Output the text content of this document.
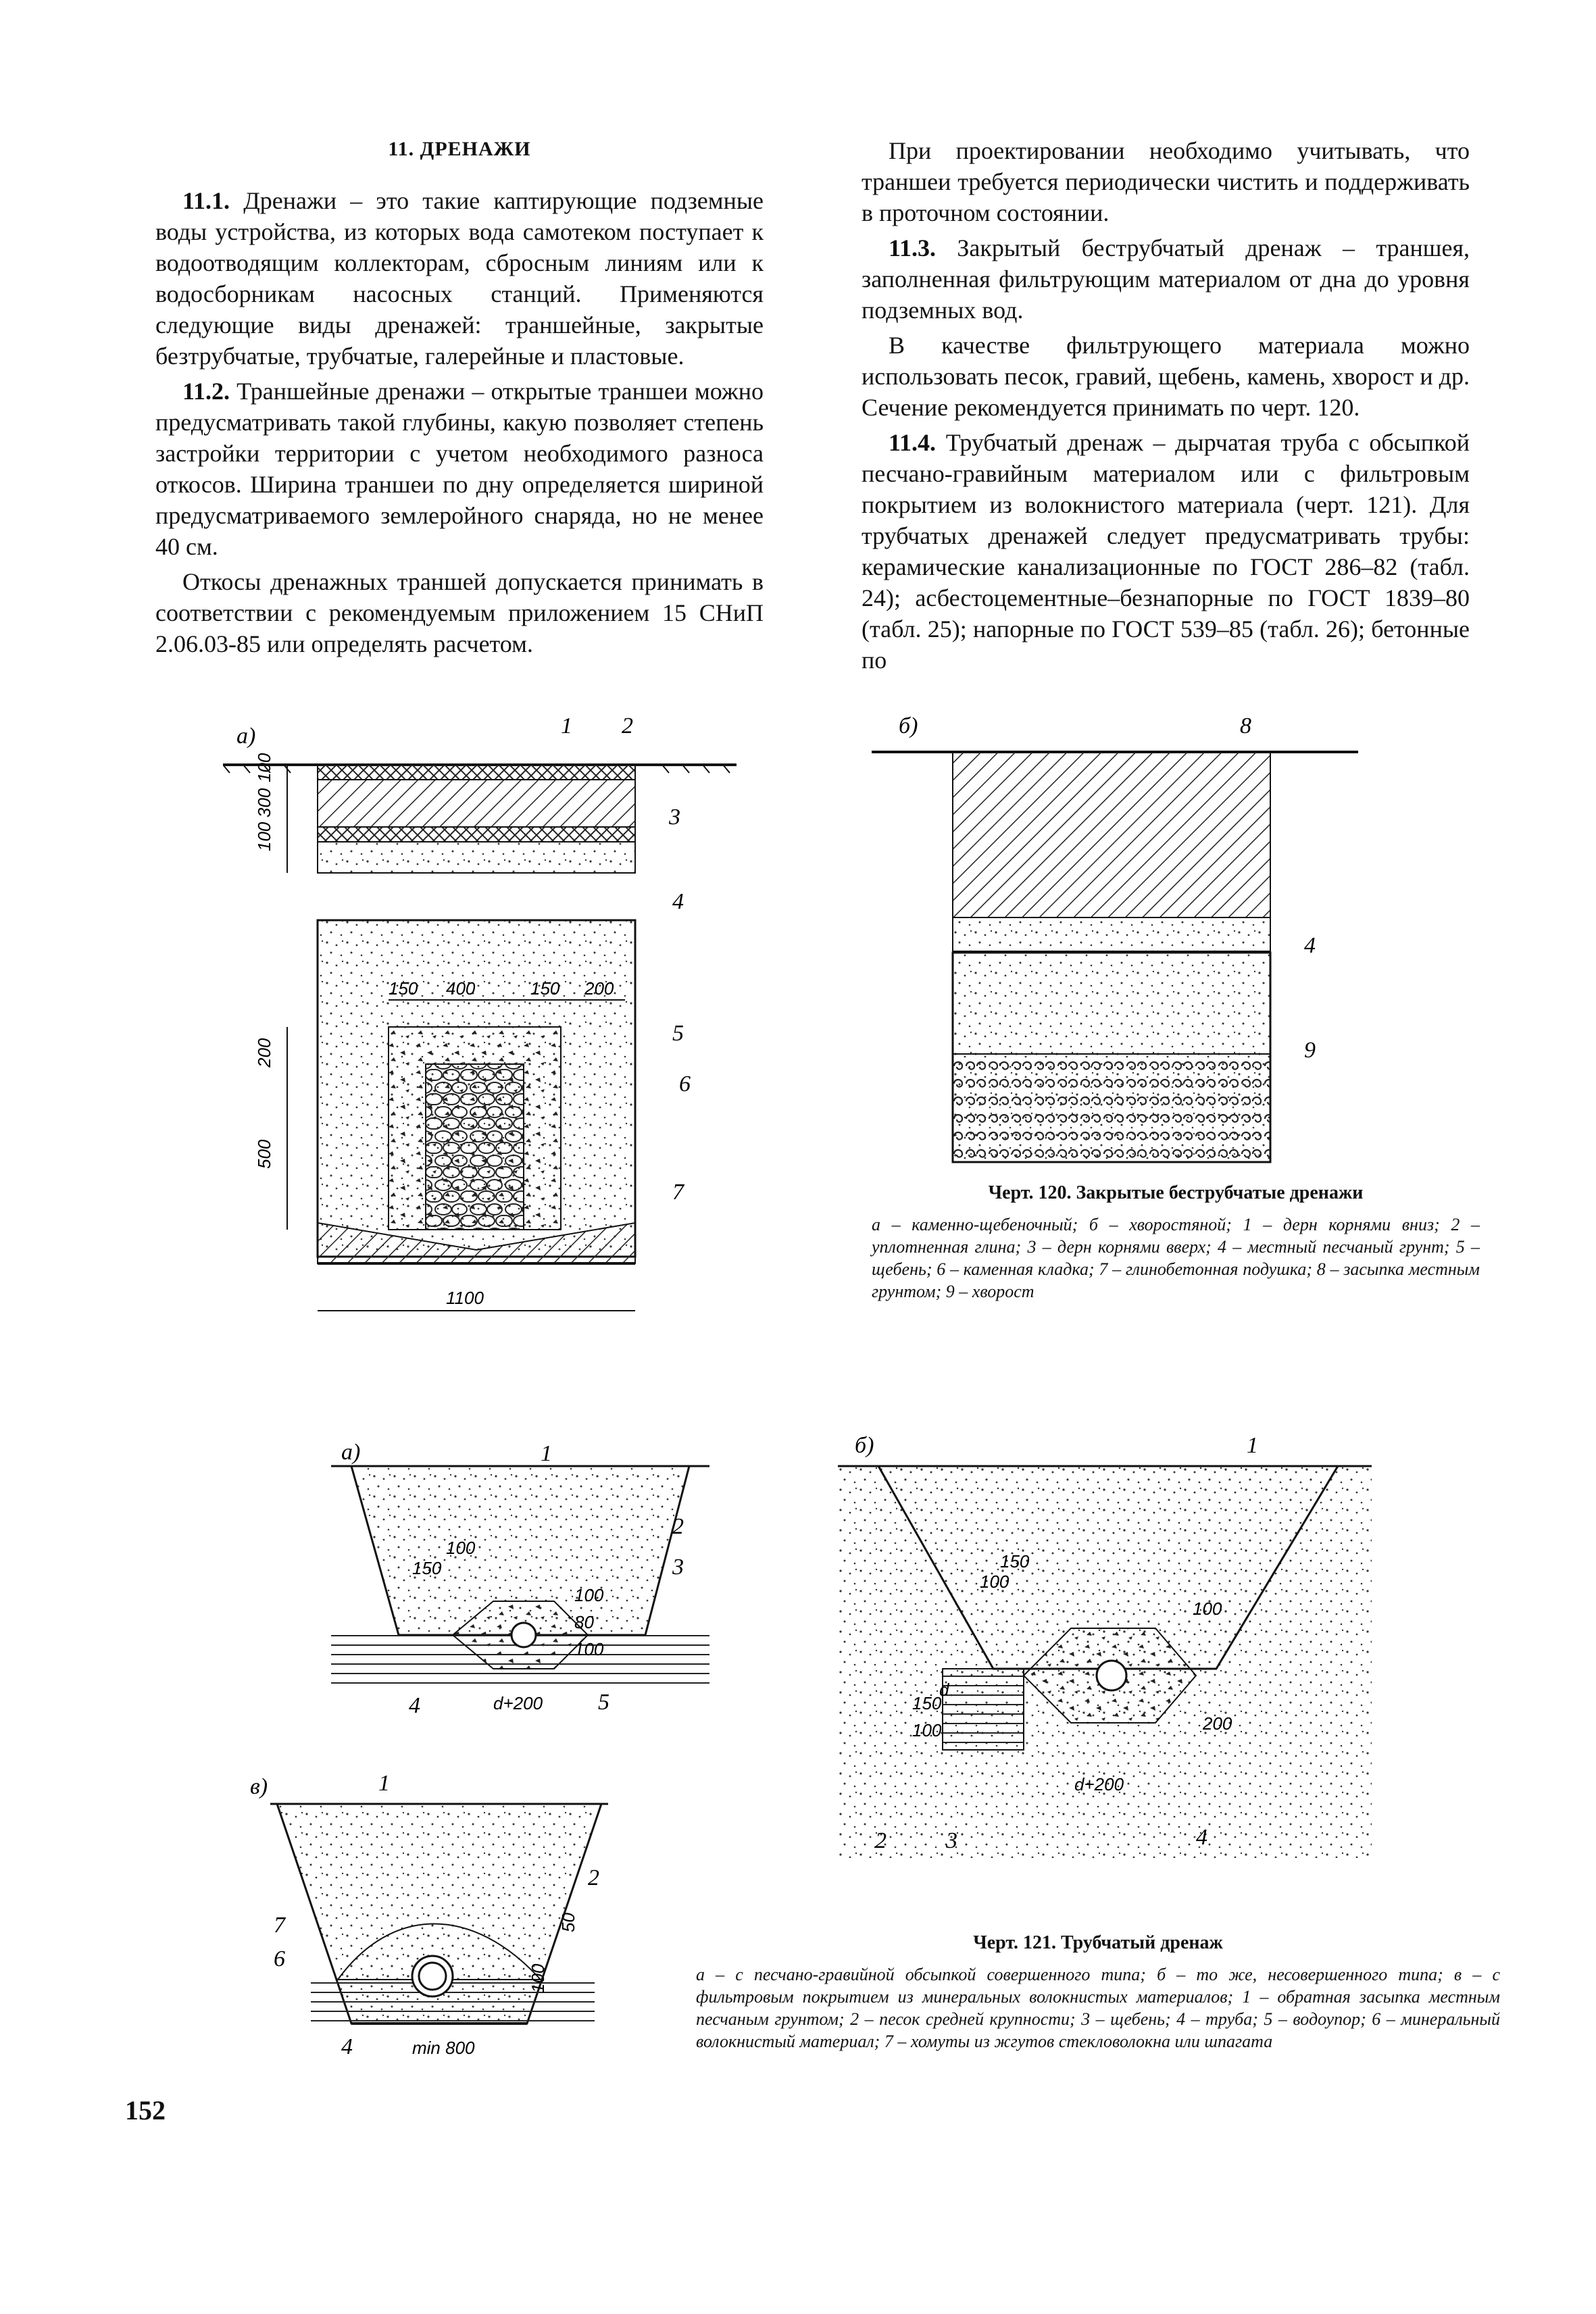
11. ДРЕНАЖИ

11.1. Дренажи – это такие каптирующие подземные воды устройства, из которых вода самотеком поступает к водоотводящим коллекторам, сбросным линиям или к водосборникам насосных станций. Применяются следующие виды дренажей: траншейные, закрытые безтрубчатые, трубчатые, галерейные и пластовые.

11.2. Траншейные дренажи – открытые траншеи можно предусматривать такой глубины, какую позволяет степень застройки территории с учетом необходимого разноса откосов. Ширина траншеи по дну определяется шириной предусматриваемого землеройного снаряда, но не менее 40 см.

Откосы дренажных траншей допускается принимать в соответствии с рекомендуемым приложением 15 СНиП 2.06.03-85 или определять расчетом.

При проектировании необходимо учитывать, что траншеи требуется периодически чистить и поддерживать в проточном состоянии.

11.3. Закрытый беструбчатый дренаж – траншея, заполненная фильтрующим материалом от дна до уровня подземных вод.

В качестве фильтрующего материала можно использовать песок, гравий, щебень, камень, хворост и др. Сечение рекомендуется принимать по черт. 120.

11.4. Трубчатый дренаж – дырчатая труба с обсыпкой песчано-гравийным материалом или с фильтровым покрытием из волокнистого материала (черт. 121). Для трубчатых дренажей следует предусматривать трубы: керамические канализационные по ГОСТ 286–82 (табл. 24); асбестоцементные–безнапорные по ГОСТ 1839–80 (табл. 25); напорные по ГОСТ 539–85 (табл. 26); бетонные по

а)
100
300
100
200
500
150 400	150 200
1100
1 2
3
4
5
6
7
б)	8
4
9
Черт. 120. Закрытые беструбчатые дренажи
а – каменно-щебеночный; б – хворостяной; 1 – дерн корнями вниз; 2 – уплотненная глина; 3 – дерн корнями вверх; 4 – местный песчаный грунт; 5 – щебень; 6 – каменная кладка; 7 – глинобетонная подушка; 8 – засыпка местным грунтом; 9 – хворост
а)
150
100
100
80
100
d+200
1
2
3
4	5
б)
100
150
100
d
100
150
200
d+200
1
2	3	4
в)
50
100
min 800
1
2
7
6
4
Черт. 121. Трубчатый дренаж
а – с песчано-гравийной обсыпкой совершенного типа; б – то же, несовершенного типа; в – с фильтровым покрытием из минеральных волокнистых материалов; 1 – обратная засыпка местным песчаным грунтом; 2 – песок средней крупности; 3 – щебень; 4 – труба; 5 – водоупор; 6 – минеральный волокнистый материал; 7 – хомуты из жгутов стекловолокна или шпагата
152
